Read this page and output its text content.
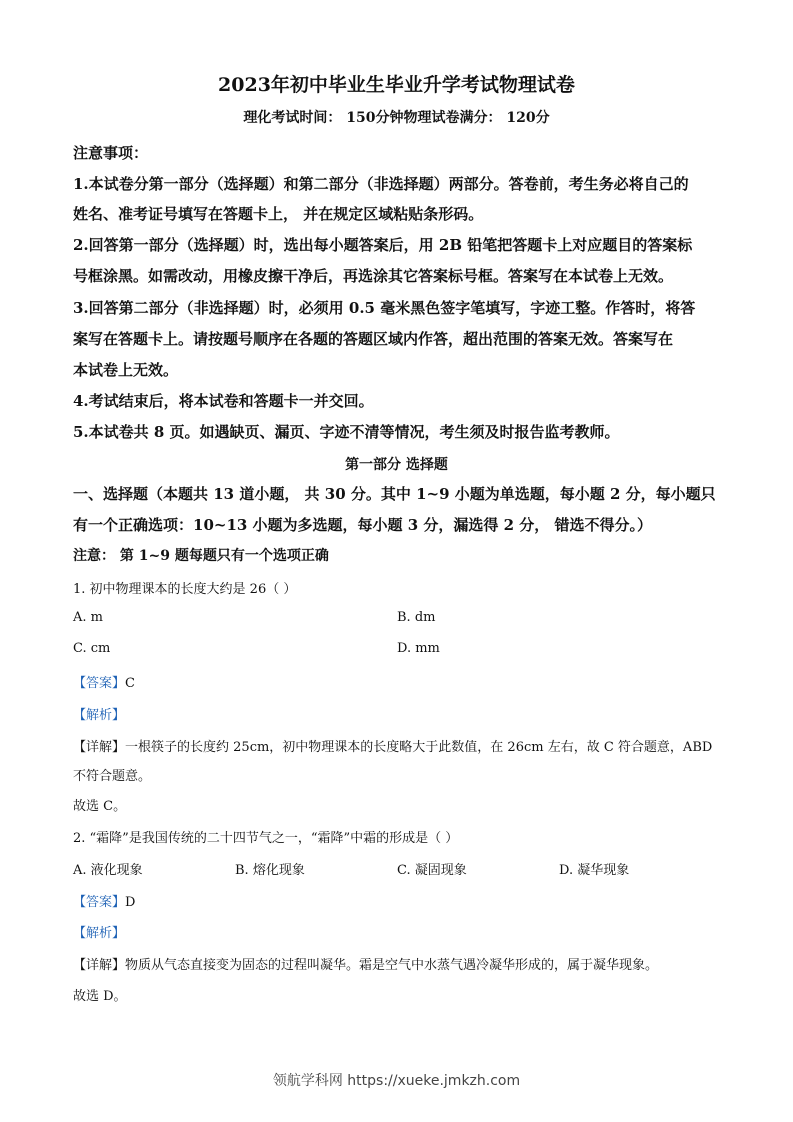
2023年初中毕业生毕业升学考试物理试卷
理化考试时间： 150分钟物理试卷满分： 120分
注意事项：
1.本试卷分第一部分（选择题）和第二部分（非选择题）两部分。答卷前，考生务必将自己的
姓名、准考证号填写在答题卡上， 并在规定区域粘贴条形码。
2.回答第一部分（选择题）时，选出每小题答案后，用 2B 铅笔把答题卡上对应题目的答案标
号框涂黑。如需改动，用橡皮擦干净后，再选涂其它答案标号框。答案写在本试卷上无效。
3.回答第二部分（非选择题）时，必须用 0.5 毫米黑色签字笔填写，字迹工整。作答时，将答
案写在答题卡上。请按题号顺序在各题的答题区域内作答，超出范围的答案无效。答案写在
本试卷上无效。
4.考试结束后，将本试卷和答题卡一并交回。
5.本试卷共 8 页。如遇缺页、漏页、字迹不清等情况，考生须及时报告监考教师。
第一部分 选择题
一、选择题（本题共 13 道小题， 共 30 分。其中 1~9 小题为单选题，每小题 2 分，每小题只
有一个正确选项：10~13 小题为多选题，每小题 3 分，漏选得 2 分， 错选不得分。）
注意： 第 1~9 题每题只有一个选项正确
1. 初中物理课本的长度大约是 26（ ）
A. m	B. dm
C. cm	D. mm
【答案】C
【解析】
【详解】一根筷子的长度约 25cm，初中物理课本的长度略大于此数值，在 26cm 左右，故 C 符合题意，ABD
不符合题意。
故选 C。
2. “霜降”是我国传统的二十四节气之一，“霜降”中霜的形成是（ ）
A. 液化现象	B. 熔化现象	C. 凝固现象	D. 凝华现象
【答案】D
【解析】
【详解】物质从气态直接变为固态的过程叫凝华。霜是空气中水蒸气遇冷凝华形成的，属于凝华现象。
故选 D。
领航学科网 https://xueke.jmkzh.com
